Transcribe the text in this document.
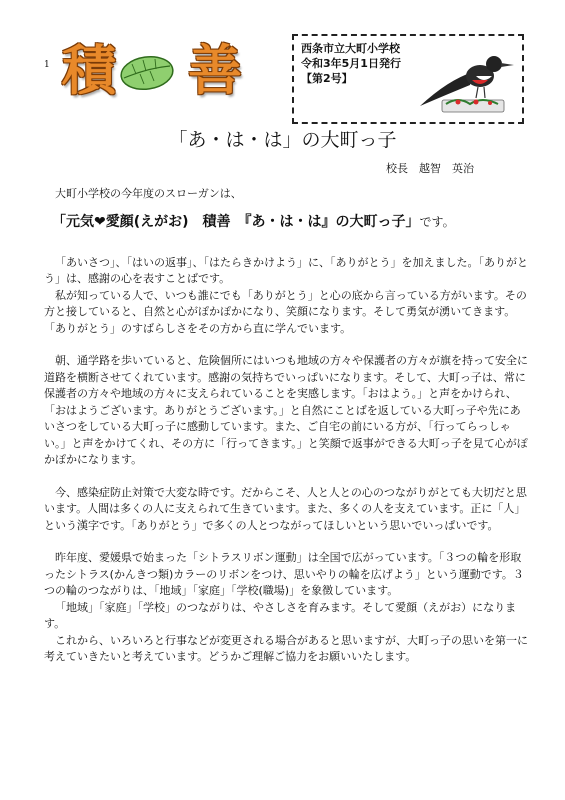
1 積 善	西条市立大町小学校
令和3年5月1日発行
【第2号】
「あ・は・は」の大町っ子
校長　越智　英治

大町小学校の今年度のスローガンは、

「元気❤愛顔(えがお)　積善　『あ・は・は』の大町っ子」です。

「あいさつ」、「はいの返事」、「はたらきかけよう」に、「ありがとう」を加えました。「ありがとう」は、感謝の心を表すことばです。

私が知っている人で、いつも誰にでも「ありがとう」と心の底から言っている方がいます。その方と接していると、自然と心がぽかぽかになり、笑顔になります。そして勇気が湧いてきます。「ありがとう」のすばらしさをその方から直に学んでいます。

朝、通学路を歩いていると、危険個所にはいつも地域の方々や保護者の方々が旗を持って安全に道路を横断させてくれています。感謝の気持ちでいっぱいになります。そして、大町っ子は、常に保護者の方々や地域の方々に支えられていることを実感します。「おはよう。」と声をかけられ、「おはようございます。ありがとうございます。」と自然にことばを返している大町っ子や先にあいさつをしている大町っ子に感動しています。また、ご自宅の前にいる方が、「行ってらっしゃい。」と声をかけてくれ、その方に「行ってきます。」と笑顔で返事ができる大町っ子を見て心がぽかぽかになります。

今、感染症防止対策で大変な時です。だからこそ、人と人との心のつながりがとても大切だと思います。人間は多くの人に支えられて生きています。また、多くの人を支えています。正に「人」という漢字です。「ありがとう」で多くの人とつながってほしいという思いでいっぱいです。

昨年度、愛媛県で始まった「シトラスリボン運動」は全国で広がっています。「３つの輪を形取ったシトラス(かんきつ類)カラーのリボンをつけ、思いやりの輪を広げよう」という運動です。３つの輪のつながりは、「地域」「家庭」「学校(職場)」を象徴しています。

「地域」「家庭」「学校」のつながりは、やさしさを育みます。そして愛顔（えがお）になります。

これから、いろいろと行事などが変更される場合があると思いますが、大町っ子の思いを第一に考えていきたいと考えています。どうかご理解ご協力をお願いいたします。
